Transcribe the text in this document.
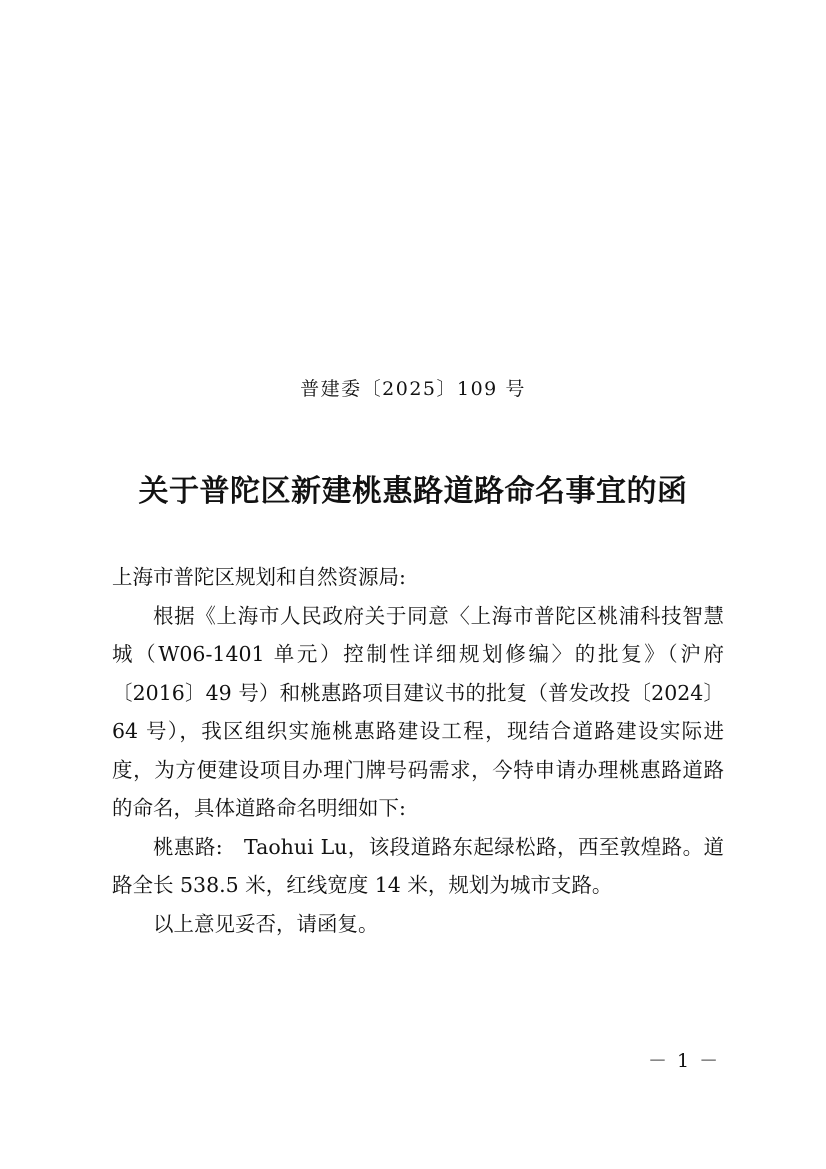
普建委〔2025〕109 号
关于普陀区新建桃惠路道路命名事宜的函

上海市普陀区规划和自然资源局:

根据《上海市人民政府关于同意〈上海市普陀区桃浦科技智慧城（W06-1401 单元）控制性详细规划修编〉的批复》（沪府〔2016〕49 号）和桃惠路项目建议书的批复（普发改投〔2024〕64 号），我区组织实施桃惠路建设工程，现结合道路建设实际进度，为方便建设项目办理门牌号码需求，今特申请办理桃惠路道路的命名，具体道路命名明细如下:

桃惠路:　Taohui Lu，该段道路东起绿松路，西至敦煌路。道路全长 538.5 米，红线宽度 14 米，规划为城市支路。

以上意见妥否，请函复。

－ 1 －
